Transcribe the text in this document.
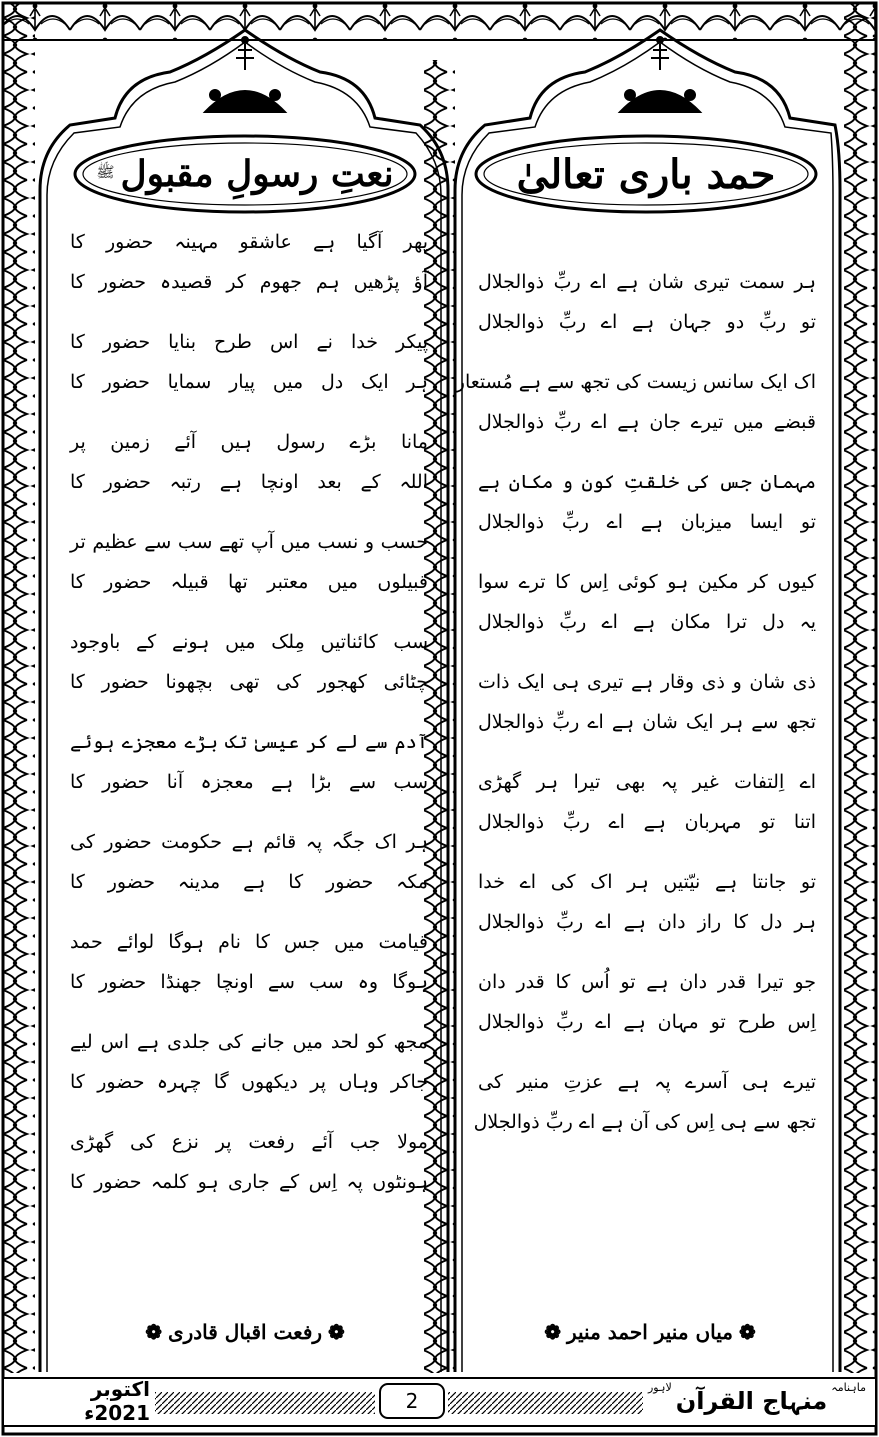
نعتِ رسولِ مقبول
ﷺ	حمد باری تعالیٰ
پھر آگیا ہے عاشقو مہینہ حضور کا
آؤ پڑھیں ہم جھوم کر قصیدہ حضور کا
پیکر خدا نے اس طرح بنایا حضور کا
ہر ایک دل میں پیار سمایا حضور کا
مانا بڑے رسول ہیں آئے زمین پر
اللہ کے بعد اونچا ہے رتبہ حضور کا
حسب و نسب میں آپ تھے سب سے عظیم تر
قبیلوں میں معتبر تھا قبیلہ حضور کا
سب کائناتیں مِلک میں ہونے کے باوجود
چٹائی کھجور کی تھی بچھونا حضور کا
آدم سے لے کر عیسیٰ تک بڑے معجزے ہوئے
سب سے بڑا ہے معجزہ آنا حضور کا
ہر اک جگہ پہ قائم ہے حکومت حضور کی
مکہ حضور کا ہے مدینہ حضور کا
قیامت میں جس کا نام ہوگا لوائے حمد
ہوگا وہ سب سے اونچا جھنڈا حضور کا
مجھ کو لحد میں جانے کی جلدی ہے اس لیے
جاکر وہاں پر دیکھوں گا چہرہ حضور کا
مولا جب آئے رفعت پر نزع کی گھڑی
ہونٹوں پہ اِس کے جاری ہو کلمہ حضور کا
ہر سمت تیری شان ہے اے ربِّ ذوالجلال
تو ربِّ دو جہان ہے اے ربِّ ذوالجلال
اک ایک سانس زیست کی تجھ سے ہے مُستعار
قبضے میں تیرے جان ہے اے ربِّ ذوالجلال
مہمان جس کی خلقتِ کون و مکان ہے
تو ایسا میزبان ہے اے ربِّ ذوالجلال
کیوں کر مکین ہو کوئی اِس کا ترے سوا
یہ دل ترا مکان ہے اے ربِّ ذوالجلال
ذی شان و ذی وقار ہے تیری ہی ایک ذات
تجھ سے ہر ایک شان ہے اے ربِّ ذوالجلال
اے اِلتفات غیر پہ بھی تیرا ہر گھڑی
اتنا تو مہربان ہے اے ربِّ ذوالجلال
تو جانتا ہے نیّتیں ہر اک کی اے خدا
ہر دل کا راز دان ہے اے ربِّ ذوالجلال
جو تیرا قدر دان ہے تو اُس کا قدر دان
اِس طرح تو مہان ہے اے ربِّ ذوالجلال
تیرے ہی آسرے پہ ہے عزتِ منیر کی
تجھ سے ہی اِس کی آن ہے اے ربِّ ذوالجلال
❁
رفعت اقبال قادری
❁	❁
میاں منیر احمد منیر
❁
اکتوبر 2021ء	2
ماہنامہ
منہاج القرآن
لاہور
